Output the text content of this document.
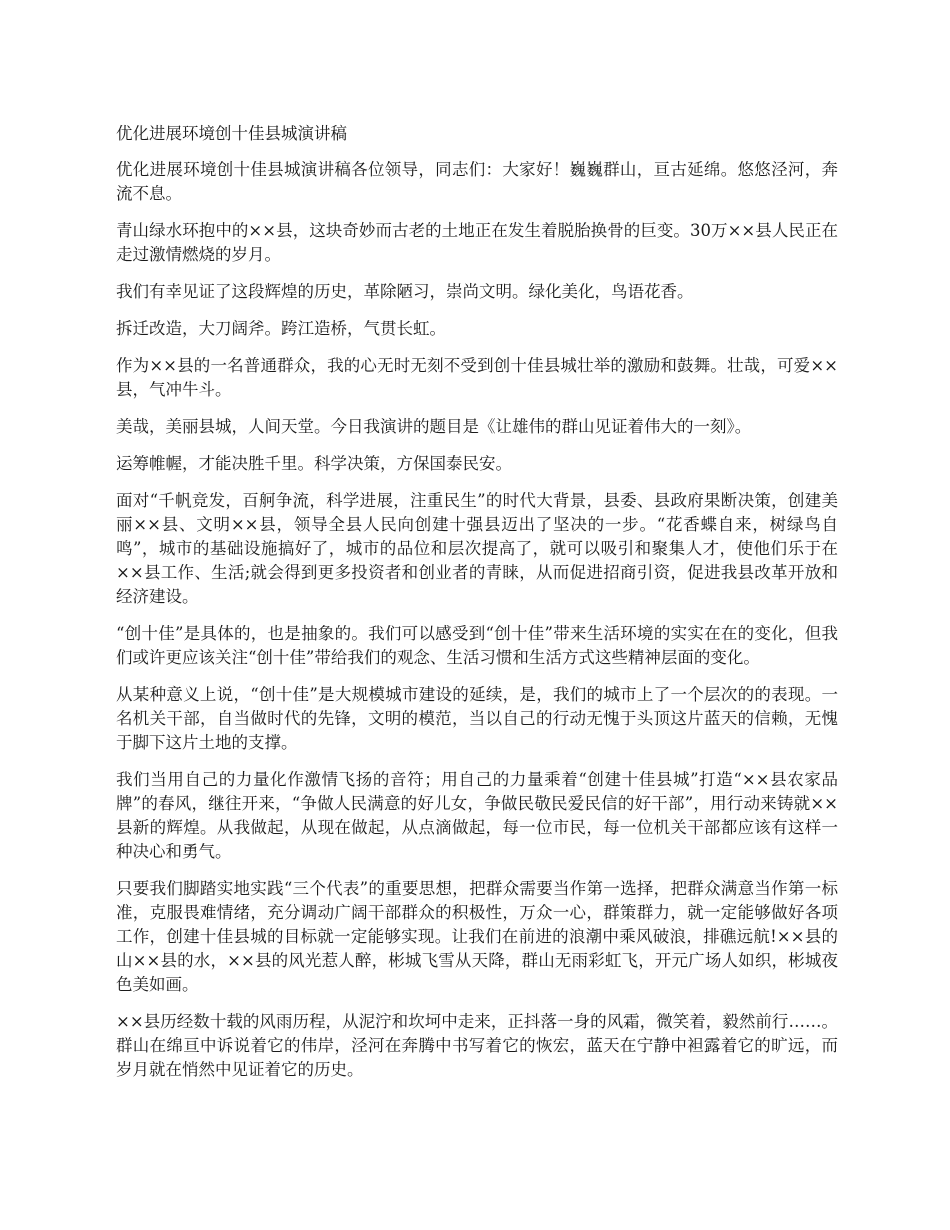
优化进展环境创十佳县城演讲稿

优化进展环境创十佳县城演讲稿各位领导，同志们：大家好！巍巍群山，亘古延绵。悠悠泾河，奔流不息。

青山绿水环抱中的××县，这块奇妙而古老的土地正在发生着脱胎换骨的巨变。30万××县人民正在走过激情燃烧的岁月。

我们有幸见证了这段辉煌的历史，革除陋习，崇尚文明。绿化美化，鸟语花香。

拆迁改造，大刀阔斧。跨江造桥，气贯长虹。

作为××县的一名普通群众，我的心无时无刻不受到创十佳县城壮举的激励和鼓舞。壮哉，可爱××县，气冲牛斗。

美哉，美丽县城，人间天堂。今日我演讲的题目是《让雄伟的群山见证着伟大的一刻》。

运筹帷幄，才能决胜千里。科学决策，方保国泰民安。

面对“千帆竞发，百舸争流，科学进展，注重民生”的时代大背景，县委、县政府果断决策，创建美丽××县、文明××县，领导全县人民向创建十强县迈出了坚决的一步。“花香蝶自来，树绿鸟自鸣”，城市的基础设施搞好了，城市的品位和层次提高了，就可以吸引和聚集人才，使他们乐于在××县工作、生活;就会得到更多投资者和创业者的青睐，从而促进招商引资，促进我县改革开放和经济建设。

“创十佳”是具体的，也是抽象的。我们可以感受到“创十佳”带来生活环境的实实在在的变化，但我们或许更应该关注“创十佳”带给我们的观念、生活习惯和生活方式这些精神层面的变化。

从某种意义上说，“创十佳”是大规模城市建设的延续，是，我们的城市上了一个层次的的表现。一名机关干部，自当做时代的先锋，文明的模范，当以自己的行动无愧于头顶这片蓝天的信赖，无愧于脚下这片土地的支撑。

我们当用自己的力量化作激情飞扬的音符；用自己的力量乘着“创建十佳县城”打造“××县农家品牌”的春风，继往开来，“争做人民满意的好儿女，争做民敬民爱民信的好干部”，用行动来铸就××县新的辉煌。从我做起，从现在做起，从点滴做起，每一位市民，每一位机关干部都应该有这样一种决心和勇气。

只要我们脚踏实地实践“三个代表”的重要思想，把群众需要当作第一选择，把群众满意当作第一标准，克服畏难情绪，充分调动广阔干部群众的积极性，万众一心，群策群力，就一定能够做好各项工作，创建十佳县城的目标就一定能够实现。让我们在前进的浪潮中乘风破浪，排礁远航!××县的山××县的水，××县的风光惹人醉，彬城飞雪从天降，群山无雨彩虹飞，开元广场人如织，彬城夜色美如画。

××县历经数十载的风雨历程，从泥泞和坎坷中走来，正抖落一身的风霜，微笑着，毅然前行……。群山在绵亘中诉说着它的伟岸，泾河在奔腾中书写着它的恢宏，蓝天在宁静中袒露着它的旷远，而岁月就在悄然中见证着它的历史。
